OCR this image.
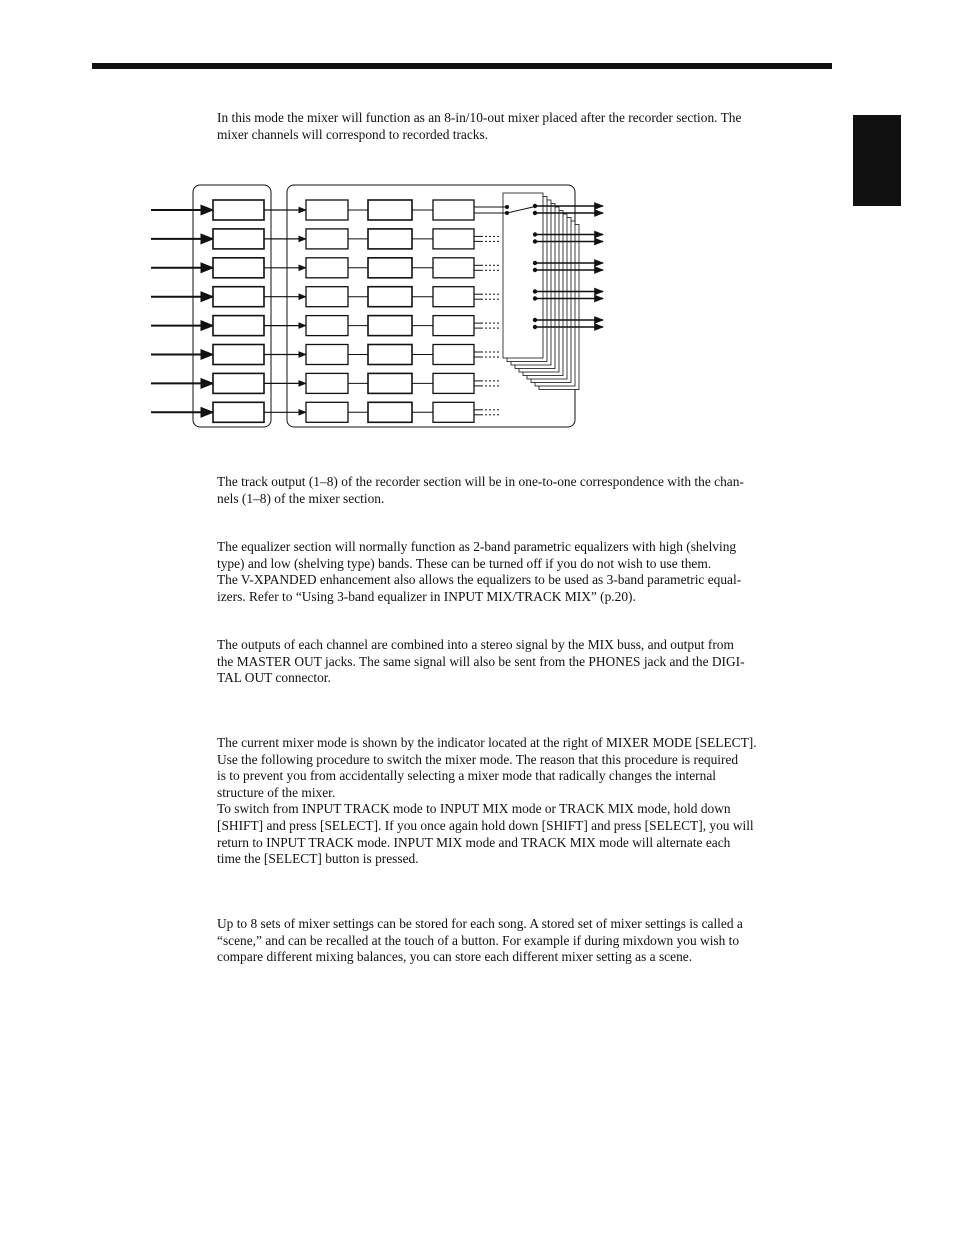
In this mode the mixer will function as an 8-in/10-out mixer placed after the recorder section. The
mixer channels will correspond to recorded tracks.

The track output (1–8) of the recorder section will be in one-to-one correspondence with the chan-
nels (1–8) of the mixer section.

The equalizer section will normally function as 2-band parametric equalizers with high (shelving
type) and low (shelving type) bands. These can be turned off if you do not wish to use them.
The V-XPANDED enhancement also allows the equalizers to be used as 3-band parametric equal-
izers. Refer to “Using 3-band equalizer in INPUT MIX/TRACK MIX” (p.20).

The outputs of each channel are combined into a stereo signal by the MIX buss, and output from
the MASTER OUT jacks. The same signal will also be sent from the PHONES jack and the DIGI-
TAL OUT connector.

The current mixer mode is shown by the indicator located at the right of MIXER MODE [SELECT].
Use the following procedure to switch the mixer mode. The reason that this procedure is required
is to prevent you from accidentally selecting a mixer mode that radically changes the internal
structure of the mixer.
To switch from INPUT TRACK mode to INPUT MIX mode or TRACK MIX mode, hold down
[SHIFT] and press [SELECT]. If you once again hold down [SHIFT] and press [SELECT], you will
return to INPUT TRACK mode. INPUT MIX mode and TRACK MIX mode will alternate each
time the [SELECT] button is pressed.

Up to 8 sets of mixer settings can be stored for each song. A stored set of mixer settings is called a
“scene,” and can be recalled at the touch of a button. For example if during mixdown you wish to
compare different mixing balances, you can store each different mixer setting as a scene.
